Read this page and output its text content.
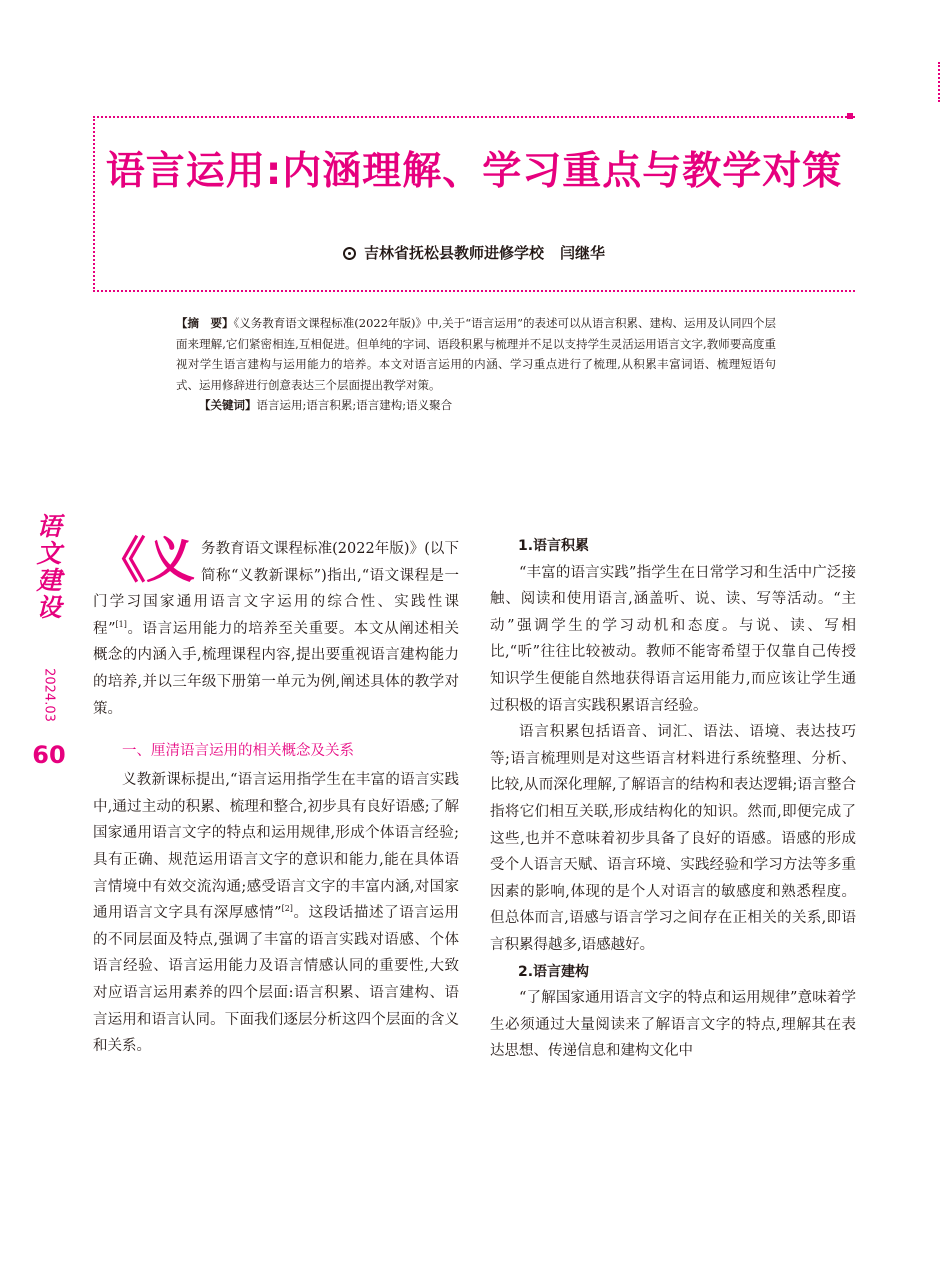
语言运用:内涵理解、学习重点与教学对策
吉林省抚松县教师进修学校 闫继华

【摘　要】《义务教育语文课程标准(2022年版)》中,关于“语言运用”的表述可以从语言积累、建构、运用及认同四个层面来理解,它们紧密相连,互相促进。但单纯的字词、语段积累与梳理并不足以支持学生灵活运用语言文字,教师要高度重视对学生语言建构与运用能力的培养。本文对语言运用的内涵、学习重点进行了梳理,从积累丰富词语、梳理短语句式、运用修辞进行创意表达三个层面提出教学对策。

【关键词】语言运用;语言积累;语言建构;语义聚合

语
文
建
设
2024.03
60

《义务教育语文课程标准(2022年版)》(以下简称“义教新课标”)指出,“语文课程是一门学习国家通用语言文字运用的综合性、实践性课程”[1]。语言运用能力的培养至关重要。本文从阐述相关概念的内涵入手,梳理课程内容,提出要重视语言建构能力的培养,并以三年级下册第一单元为例,阐述具体的教学对策。

一、厘清语言运用的相关概念及关系

义教新课标提出,“语言运用指学生在丰富的语言实践中,通过主动的积累、梳理和整合,初步具有良好语感;了解国家通用语言文字的特点和运用规律,形成个体语言经验;具有正确、规范运用语言文字的意识和能力,能在具体语言情境中有效交流沟通;感受语言文字的丰富内涵,对国家通用语言文字具有深厚感情”[2]。这段话描述了语言运用的不同层面及特点,强调了丰富的语言实践对语感、个体语言经验、语言运用能力及语言情感认同的重要性,大致对应语言运用素养的四个层面:语言积累、语言建构、语言运用和语言认同。下面我们逐层分析这四个层面的含义和关系。

1.语言积累

“丰富的语言实践”指学生在日常学习和生活中广泛接触、阅读和使用语言,涵盖听、说、读、写等活动。“主动”强调学生的学习动机和态度。与说、读、写相比,“听”往往比较被动。教师不能寄希望于仅靠自己传授知识学生便能自然地获得语言运用能力,而应该让学生通过积极的语言实践积累语言经验。

语言积累包括语音、词汇、语法、语境、表达技巧等;语言梳理则是对这些语言材料进行系统整理、分析、比较,从而深化理解,了解语言的结构和表达逻辑;语言整合指将它们相互关联,形成结构化的知识。然而,即便完成了这些,也并不意味着初步具备了良好的语感。语感的形成受个人语言天赋、语言环境、实践经验和学习方法等多重因素的影响,体现的是个人对语言的敏感度和熟悉程度。但总体而言,语感与语言学习之间存在正相关的关系,即语言积累得越多,语感越好。

2.语言建构

“了解国家通用语言文字的特点和运用规律”意味着学生必须通过大量阅读来了解语言文字的特点,理解其在表达思想、传递信息和建构文化中
